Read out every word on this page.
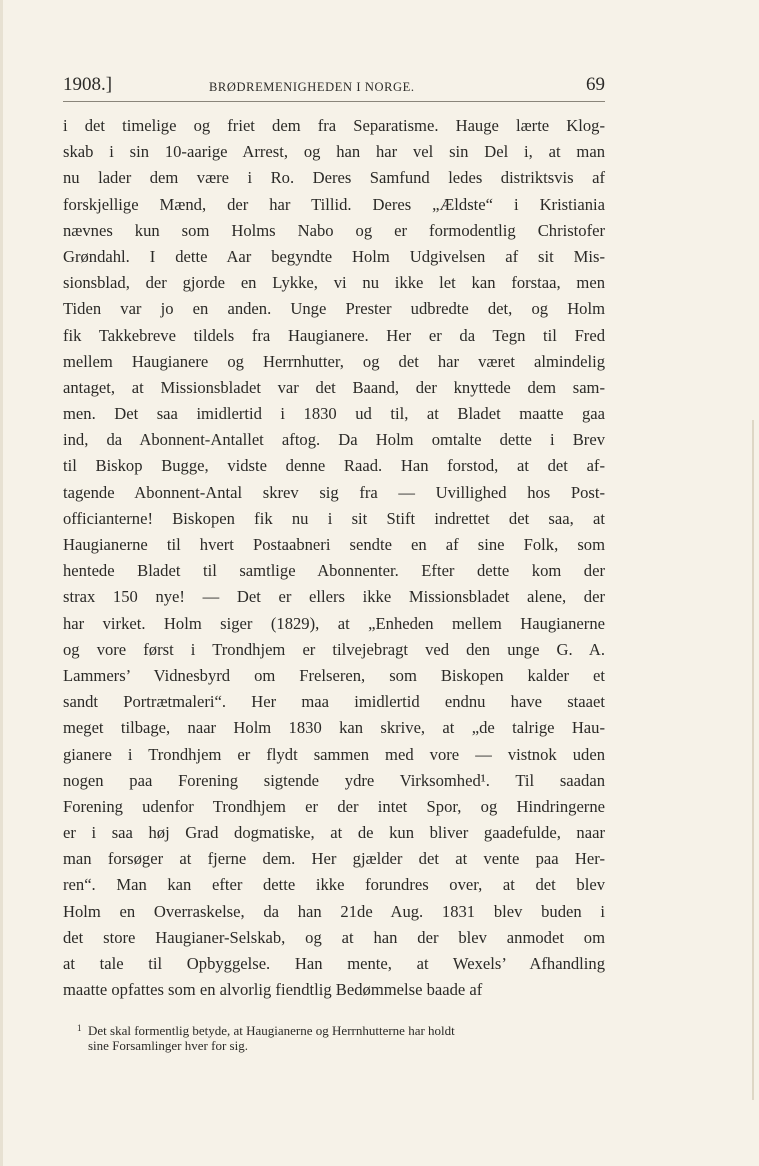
1908.]	BRØDREMENIGHEDEN I NORGE.	69
i det timelige og friet dem fra Separatisme. Hauge lærte Klog-
skab i sin 10-aarige Arrest, og han har vel sin Del i, at man
nu lader dem være i Ro. Deres Samfund ledes distriktsvis af
forskjellige Mænd, der har Tillid. Deres „Ældste“ i Kristiania
nævnes kun som Holms Nabo og er formodentlig Christofer
Grøndahl. I dette Aar begyndte Holm Udgivelsen af sit Mis-
sionsblad, der gjorde en Lykke, vi nu ikke let kan forstaa, men
Tiden var jo en anden. Unge Prester udbredte det, og Holm
fik Takkebreve tildels fra Haugianere. Her er da Tegn til Fred
mellem Haugianere og Herrnhutter, og det har været almindelig
antaget, at Missionsbladet var det Baand, der knyttede dem sam-
men. Det saa imidlertid i 1830 ud til, at Bladet maatte gaa
ind, da Abonnent-Antallet aftog. Da Holm omtalte dette i Brev
til Biskop Bugge, vidste denne Raad. Han forstod, at det af-
tagende Abonnent-Antal skrev sig fra — Uvillighed hos Post-
officianterne! Biskopen fik nu i sit Stift indrettet det saa, at
Haugianerne til hvert Postaabneri sendte en af sine Folk, som
hentede Bladet til samtlige Abonnenter. Efter dette kom der
strax 150 nye! — Det er ellers ikke Missionsbladet alene, der
har virket. Holm siger (1829), at „Enheden mellem Haugianerne
og vore først i Trondhjem er tilvejebragt ved den unge G. A.
Lammers’ Vidnesbyrd om Frelseren, som Biskopen kalder et
sandt Portrætmaleri“. Her maa imidlertid endnu have staaet
meget tilbage, naar Holm 1830 kan skrive, at „de talrige Hau-
gianere i Trondhjem er flydt sammen med vore — vistnok uden
nogen paa Forening sigtende ydre Virksomhed¹. Til saadan
Forening udenfor Trondhjem er der intet Spor, og Hindringerne
er i saa høj Grad dogmatiske, at de kun bliver gaadefulde, naar
man forsøger at fjerne dem. Her gjælder det at vente paa Her-
ren“. Man kan efter dette ikke forundres over, at det blev
Holm en Overraskelse, da han 21de Aug. 1831 blev buden i
det store Haugianer-Selskab, og at han der blev anmodet om
at tale til Opbyggelse. Han mente, at Wexels’ Afhandling
maatte opfattes som en alvorlig fiendtlig Bedømmelse baade af
1 Det skal formentlig betyde, at Haugianerne og Herrnhutterne har holdt
sine Forsamlinger hver for sig.
